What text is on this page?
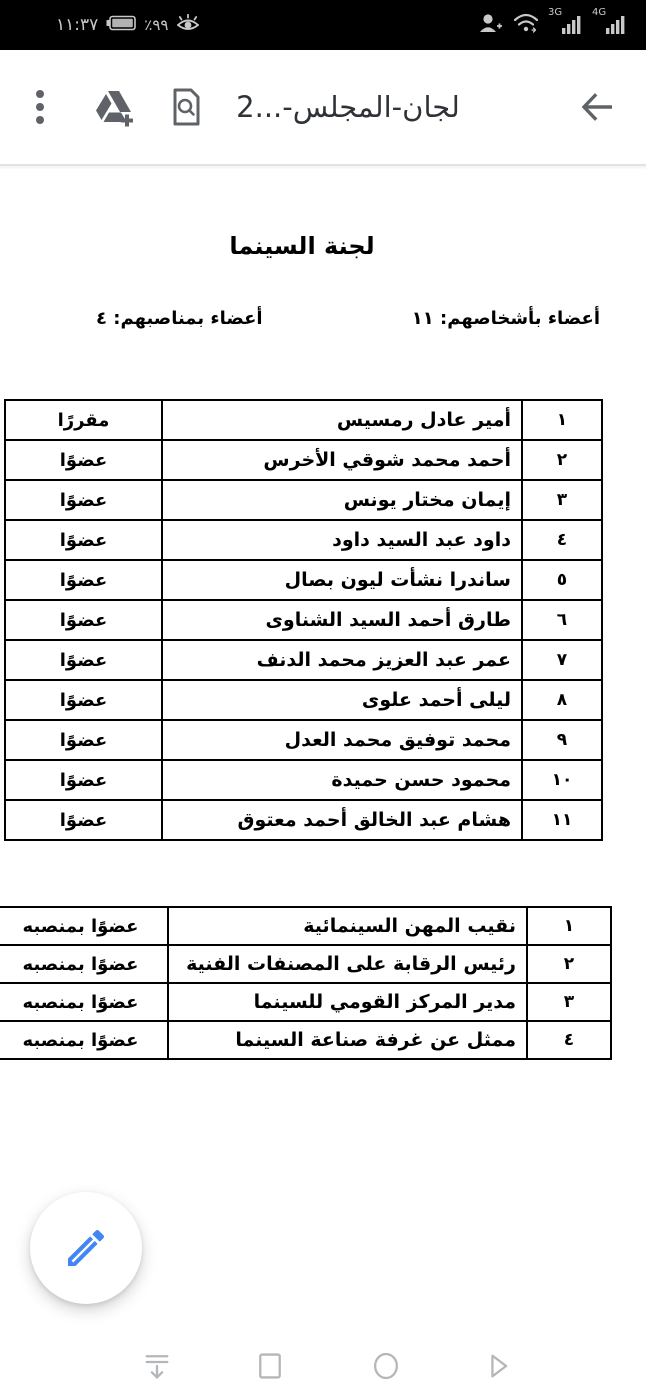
١١:٣٧	٪٩٩
3G	4G
لجان-المجلس-...2
لجنة السينما
أعضاء بأشخاصهم: ١١
أعضاء بمناصبهم: ٤
١	أمير عادل رمسيس	مقررًا
٢	أحمد محمد شوقي الأخرس	عضوًا
٣	إيمان مختار يونس	عضوًا
٤	داود عبد السيد داود	عضوًا
٥	ساندرا نشأت ليون بصال	عضوًا
٦	طارق أحمد السيد الشناوى	عضوًا
٧	عمر عبد العزيز محمد الدنف	عضوًا
٨	ليلى أحمد علوى	عضوًا
٩	محمد توفيق محمد العدل	عضوًا
١٠	محمود حسن حميدة	عضوًا
١١	هشام عبد الخالق أحمد معتوق	عضوًا
١	نقيب المهن السينمائية	عضوًا بمنصبه
٢	رئيس الرقابة على المصنفات الفنية	عضوًا بمنصبه
٣	مدير المركز القومي للسينما	عضوًا بمنصبه
٤	ممثل عن غرفة صناعة السينما	عضوًا بمنصبه
